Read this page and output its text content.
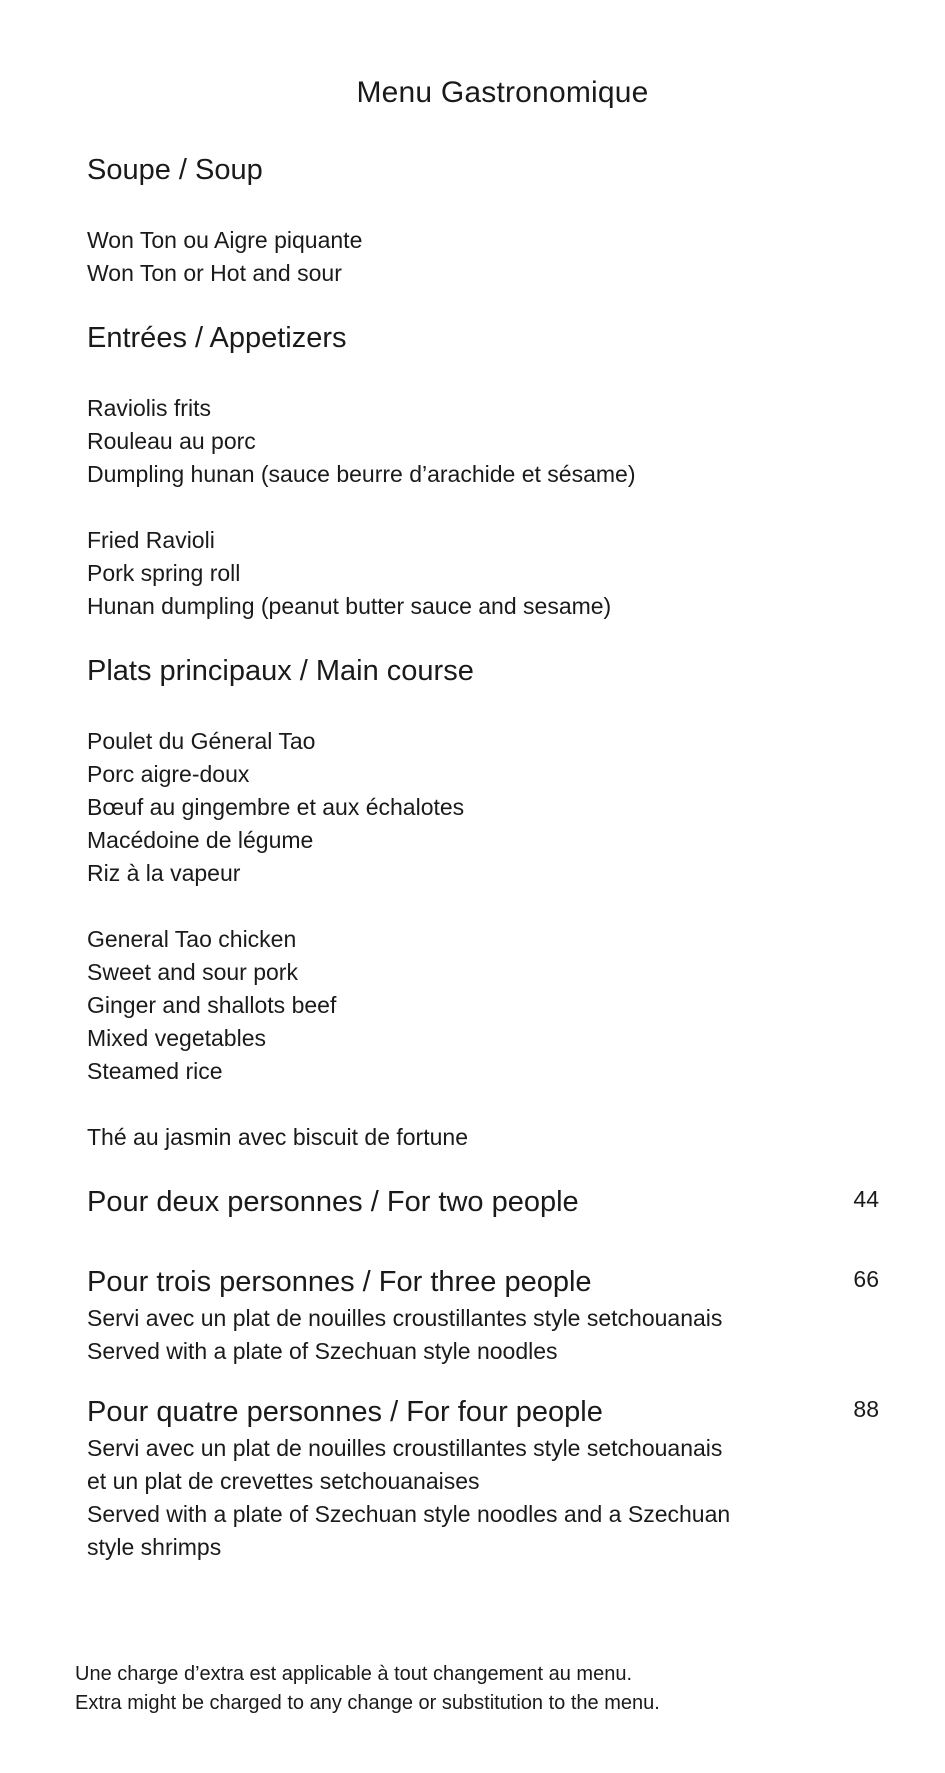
Menu Gastronomique

Soupe / Soup

Won Ton ou Aigre piquante

Won Ton or Hot and sour

Entrées / Appetizers

Raviolis frits

Rouleau au porc

Dumpling hunan (sauce beurre d’arachide et sésame)

Fried Ravioli

Pork spring roll

Hunan dumpling (peanut butter sauce and sesame)

Plats principaux / Main course

Poulet du Géneral Tao

Porc aigre-doux

Bœuf au gingembre et aux échalotes

Macédoine de légume

Riz à la vapeur

General Tao chicken

Sweet and sour pork

Ginger and shallots beef

Mixed vegetables

Steamed rice

Thé au jasmin avec biscuit de fortune

Pour deux personnes / For two people	44

Pour trois personnes / For three people	66

Servi avec un plat de nouilles croustillantes style setchouanais

Served with a plate of Szechuan style noodles

Pour quatre personnes / For four people	88

Servi avec un plat de nouilles croustillantes style setchouanais

et un plat de crevettes setchouanaises

Served with a plate of Szechuan style noodles and a Szechuan

style shrimps

Une charge d’extra est applicable à tout changement au menu.
Extra might be charged to any change or substitution to the menu.
